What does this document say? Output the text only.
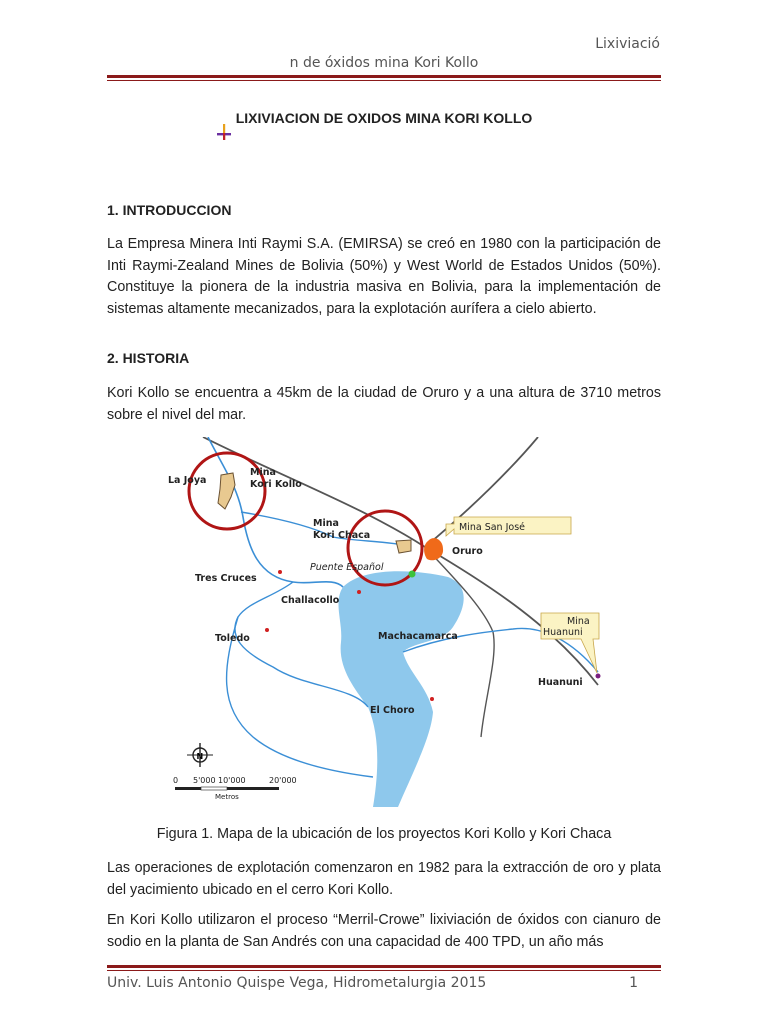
Lixiviació
n de óxidos mina Kori Kollo
LIXIVIACION DE OXIDOS MINA KORI KOLLO
1. INTRODUCCION
La Empresa Minera Inti Raymi S.A. (EMIRSA) se creó en 1980 con la participación de Inti Raymi-Zealand Mines de Bolivia (50%) y West World de Estados Unidos (50%). Constituye la pionera de la industria masiva en Bolivia, para la implementación de sistemas altamente mecanizados, para la explotación aurífera a cielo abierto.
2. HISTORIA
Kori Kollo se encuentra a 45km de la ciudad de Oruro y a una altura de 3710 metros sobre el nivel del mar.
La Joya
Mina
Kori Kollo
Mina
Kori Chaca
Mina San José
Oruro
Puente Español
Tres Cruces
Challacollo
Toledo	Machacamarca
Mina
Huanuni
Huanuni
El Choro
N
0 5'000 10'000	20'000
Metros
Figura 1. Mapa de la ubicación de los proyectos Kori Kollo y Kori Chaca
Las operaciones de explotación comenzaron en 1982 para la extracción de oro y plata del yacimiento ubicado en el cerro Kori Kollo.
En Kori Kollo utilizaron el proceso “Merril-Crowe” lixiviación de óxidos con cianuro de sodio en la planta de San Andrés con una capacidad de 400 TPD, un año más
Univ. Luis Antonio Quispe Vega, Hidrometalurgia 2015	1
